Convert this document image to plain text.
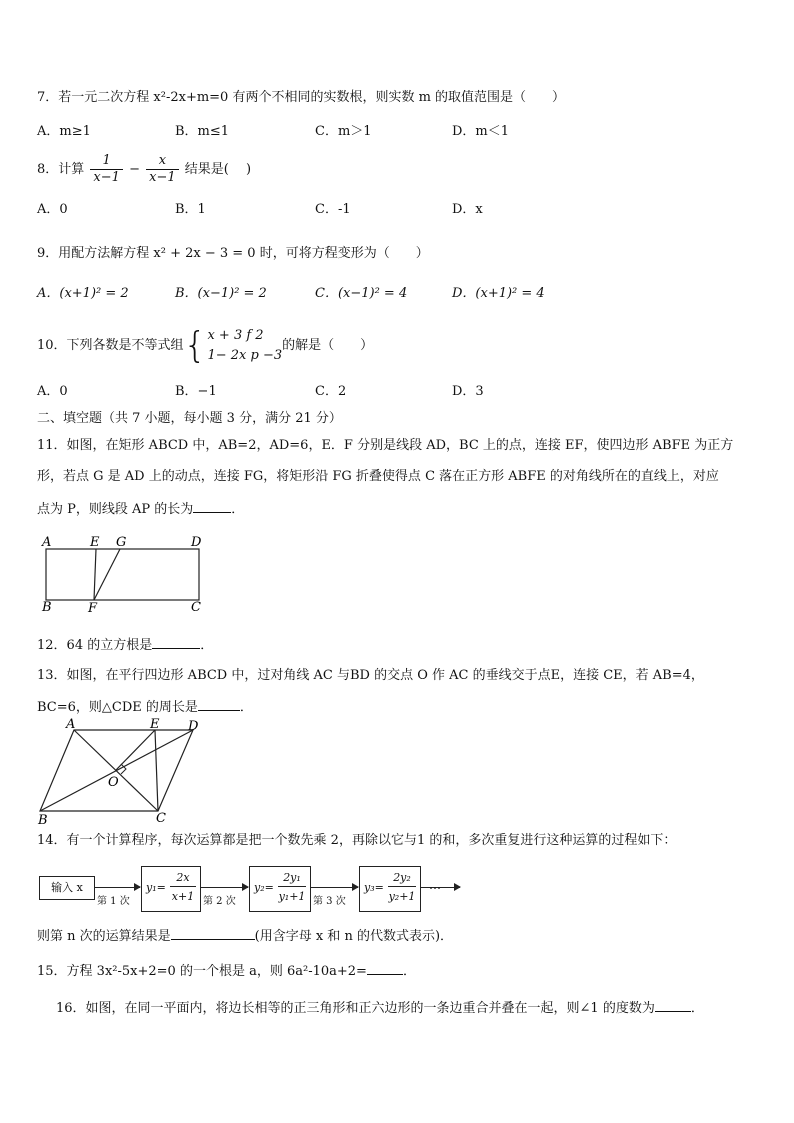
7．若一元二次方程 x²-2x+m=0 有两个不相同的实数根，则实数 m 的取值范围是（　　）
A．m≥1	B．m≤1	C．m＞1	D．m＜1
8．计算 $\frac{1}{x-1} - \frac{x}{x-1}$ 结果是(　 )
A．0	B．1	C．-1	D．x
9．用配方法解方程 x² + 2x − 3 = 0 时，可将方程变形为（　　）
A．(x+1)² = 2	B．(x−1)² = 2	C．(x−1)² = 4	D．(x+1)² = 4
10．下列各数是不等式组{ x + 3 f 2
1− 2x p −3
的解是（　　）
A．0	B．−1	C．2	D．3
二、填空题（共 7 小题，每小题 3 分，满分 21 分）
11．如图，在矩形 ABCD 中，AB=2，AD=6，E．F 分别是线段 AD，BC 上的点，连接 EF，使四边形 ABFE 为正方
形，若点 G 是 AD 上的动点，连接 FG，将矩形沿 FG 折叠使得点 C 落在正方形 ABFE 的对角线所在的直线上，对应
点为 P，则线段 AP 的长为	．
A	E G	D
B	F	C
12．64 的立方根是	．
13．如图，在平行四边形 ABCD 中，过对角线 AC 与BD 的交点 O 作 AC 的垂线交于点E，连接 CE，若 AB=4，
BC=6，则△CDE 的周长是	．
A	E D
O
B	C
14．有一个计算程序，每次运算都是把一个数先乘 2，再除以它与1 的和，多次重复进行这种运算的过程如下：
输入 x
第 1 次
y₁=
2x
x+1 第 2 次
y₂=
2y₁
y₁+1 第 3 次
y₃=
2y₂
y₂+1
…
则第 n 次的运算结果是	(用含字母 x 和 n 的代数式表示)．
15．方程 3x²-5x+2=0 的一个根是 a，则 6a²-10a+2=	．
16．如图，在同一平面内，将边长相等的正三角形和正六边形的一条边重合并叠在一起，则∠1 的度数为	．
